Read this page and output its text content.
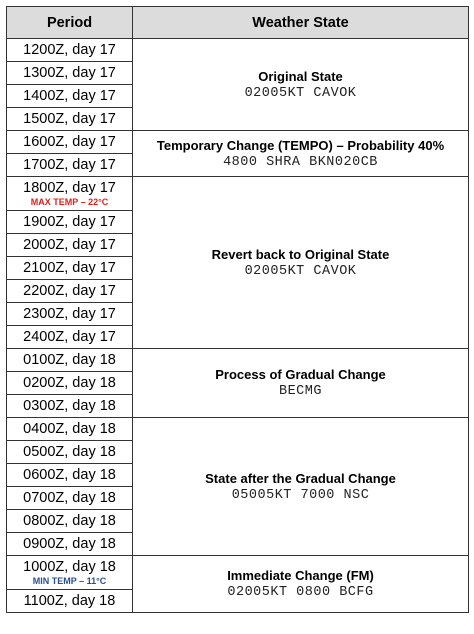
Period	Weather State
1200Z, day 17	Original State
02005KT CAVOK

1300Z, day 17	
1400Z, day 17	
1500Z, day 17	
1600Z, day 17	Temporary Change (TEMPO) – Probability 40%
4800 SHRA BKN020CB

1700Z, day 17	

1800Z, day 17
MAX TEMP – 22°C	Revert back to Original State
02005KT CAVOK

1900Z, day 17	
2000Z, day 17	
2100Z, day 17	
2200Z, day 17	
2300Z, day 17	
2400Z, day 17	
0100Z, day 18	Process of Gradual Change
BECMG

0200Z, day 18	
0300Z, day 18	
0400Z, day 18	State after the Gradual Change
05005KT 7000 NSC

0500Z, day 18	
0600Z, day 18	
0700Z, day 18	
0800Z, day 18	
0900Z, day 18	

1000Z, day 18
MIN TEMP – 11°C	Immediate Change (FM)
02005KT 0800 BCFG

1100Z, day 18	
